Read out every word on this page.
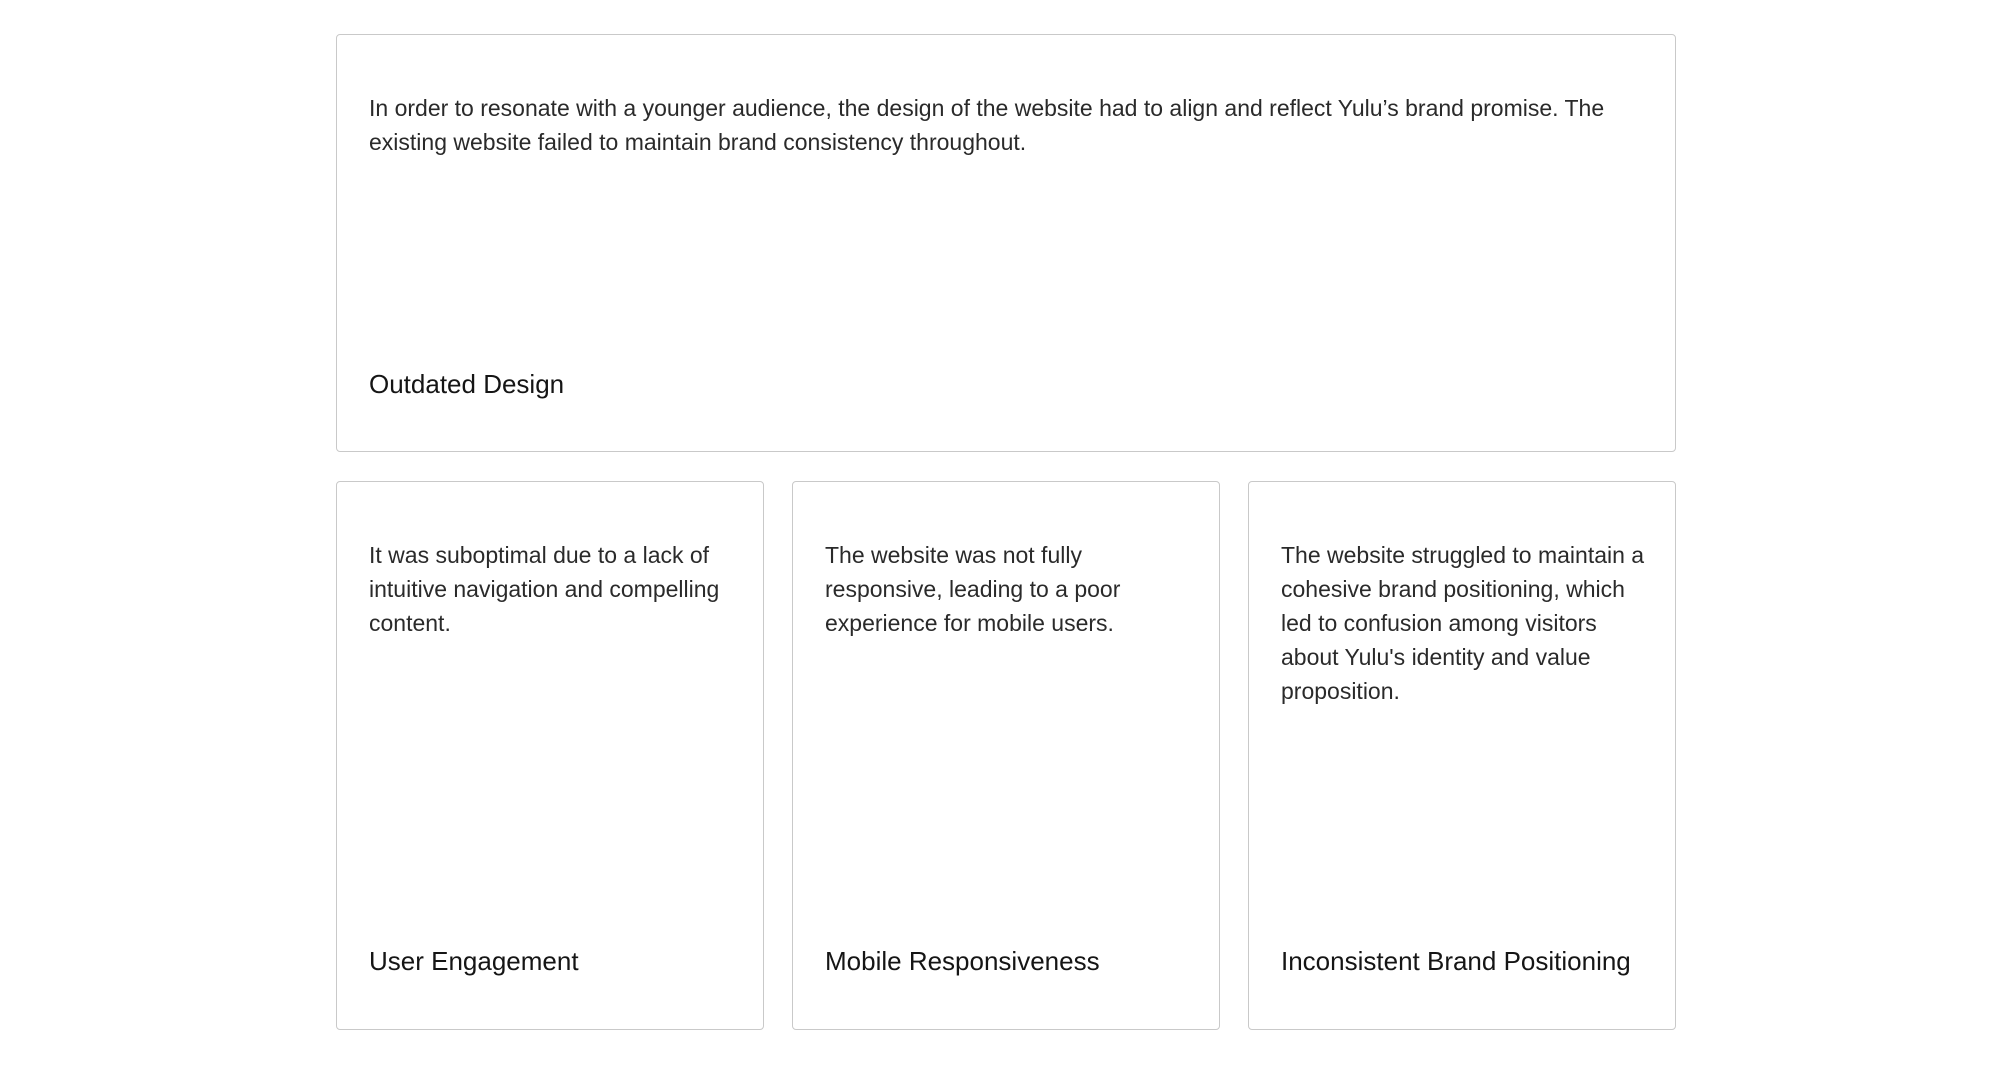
In order to resonate with a younger audience, the design of the website had to align and reflect Yulu’s brand promise. The existing website failed to maintain brand consistency throughout.

Outdated Design

It was suboptimal due to a lack of intuitive navigation and compelling content.

User Engagement

The website was not fully responsive, leading to a poor experience for mobile users.

Mobile Responsiveness

The website struggled to maintain a cohesive brand positioning, which led to confusion among visitors about Yulu's identity and value proposition.

Inconsistent Brand Positioning
